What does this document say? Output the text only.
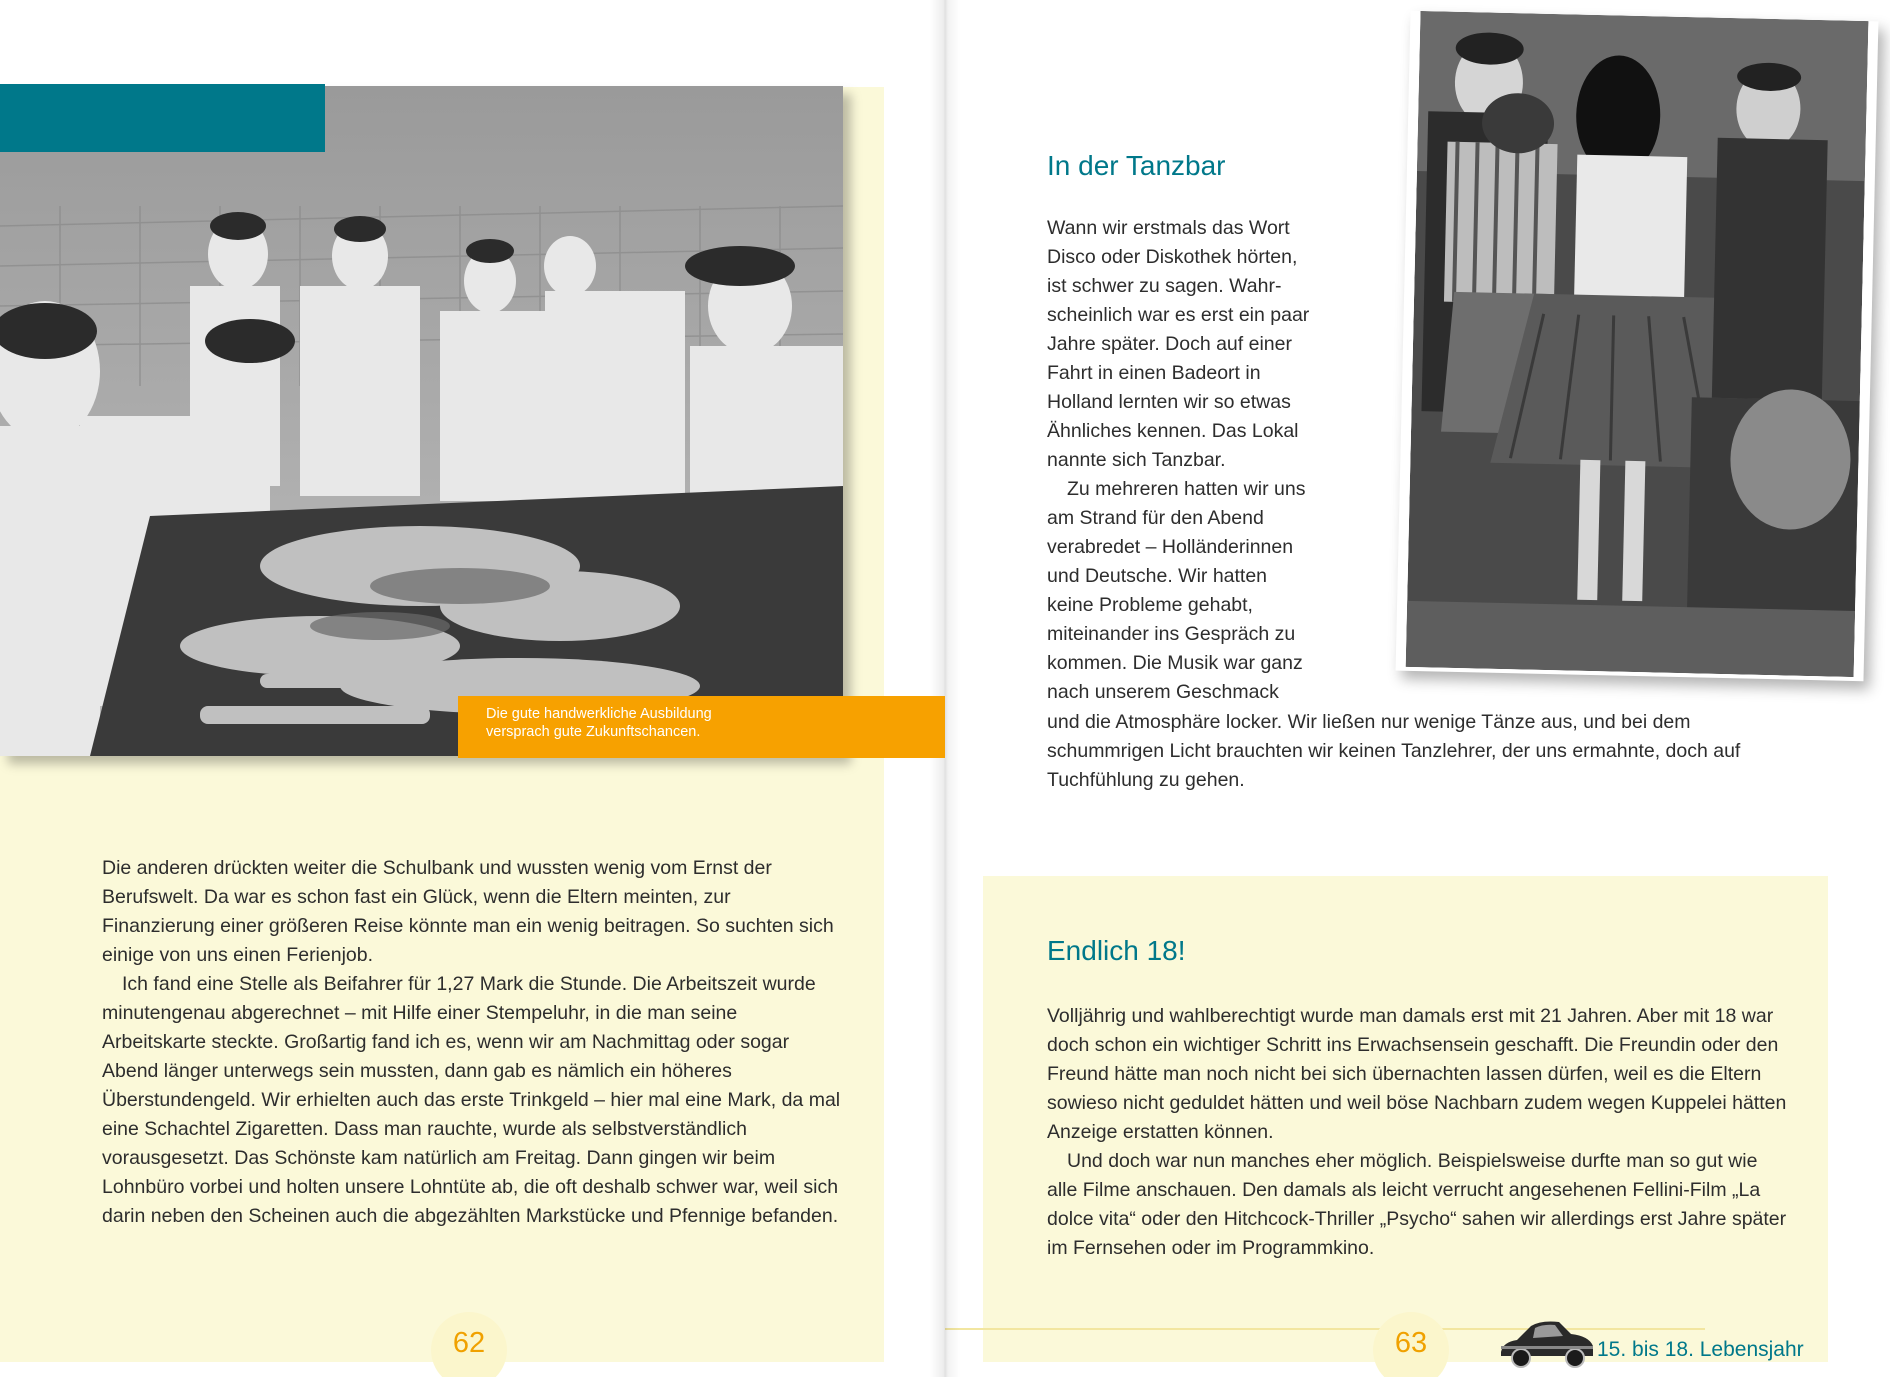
Die gute handwerkliche Ausbildung
versprach gute Zukunftschancen.

Die anderen drückten weiter die Schulbank und wussten wenig vom Ernst der Berufswelt. Da war es schon fast ein Glück, wenn die Eltern meinten, zur Finanzierung einer größeren Reise könnte man ein wenig beitragen. So suchten sich einige von uns einen Ferienjob.

Ich fand eine Stelle als Beifahrer für 1,27 Mark die Stunde. Die Arbeitszeit wurde minutengenau abgerechnet – mit Hilfe einer Stempeluhr, in die man seine Arbeitskarte steckte. Großartig fand ich es, wenn wir am Nachmittag oder sogar Abend länger unterwegs sein mussten, dann gab es nämlich ein höheres Überstundengeld. Wir erhielten auch das erste Trinkgeld – hier mal eine Mark, da mal eine Schachtel Zigaretten. Dass man rauchte, wurde als selbstverständlich vorausgesetzt. Das Schönste kam natürlich am Freitag. Dann gingen wir beim Lohnbüro vorbei und holten unsere Lohntüte ab, die oft deshalb schwer war, weil sich darin neben den Scheinen auch die abgezählten Markstücke und Pfennige befanden.

62
In der Tanzbar
Wann wir erstmals das Wort
Disco oder Diskothek hörten,
ist schwer zu sagen. Wahr-
scheinlich war es erst ein paar
Jahre später. Doch auf einer
Fahrt in einen Badeort in
Holland lernten wir so etwas
Ähnliches kennen. Das Lokal
nannte sich Tanzbar.
Zu mehreren hatten wir uns
am Strand für den Abend
verabredet – Holländerinnen
und Deutsche. Wir hatten
keine Probleme gehabt,
miteinander ins Gespräch zu
kommen. Die Musik war ganz
nach unserem Geschmack

und die Atmosphäre locker. Wir ließen nur wenige Tänze aus, und bei dem schummrigen Licht brauchten wir keinen Tanzlehrer, der uns ermahnte, doch auf Tuchfühlung zu gehen.

Endlich 18!

Volljährig und wahlberechtigt wurde man damals erst mit 21 Jahren. Aber mit 18 war doch schon ein wichtiger Schritt ins Erwachsensein geschafft. Die Freundin oder den Freund hätte man noch nicht bei sich übernachten lassen dürfen, weil es die Eltern sowieso nicht geduldet hätten und weil böse Nachbarn zudem wegen Kuppelei hätten Anzeige erstatten können.

Und doch war nun manches eher möglich. Beispielsweise durfte man so gut wie alle Filme anschauen. Den damals als leicht verrucht angesehenen Fellini-Film „La dolce vita“ oder den Hitchcock-Thriller „Psycho“ sahen wir allerdings erst Jahre später im Fernsehen oder im Programmkino.

63	15. bis 18. Lebensjahr
